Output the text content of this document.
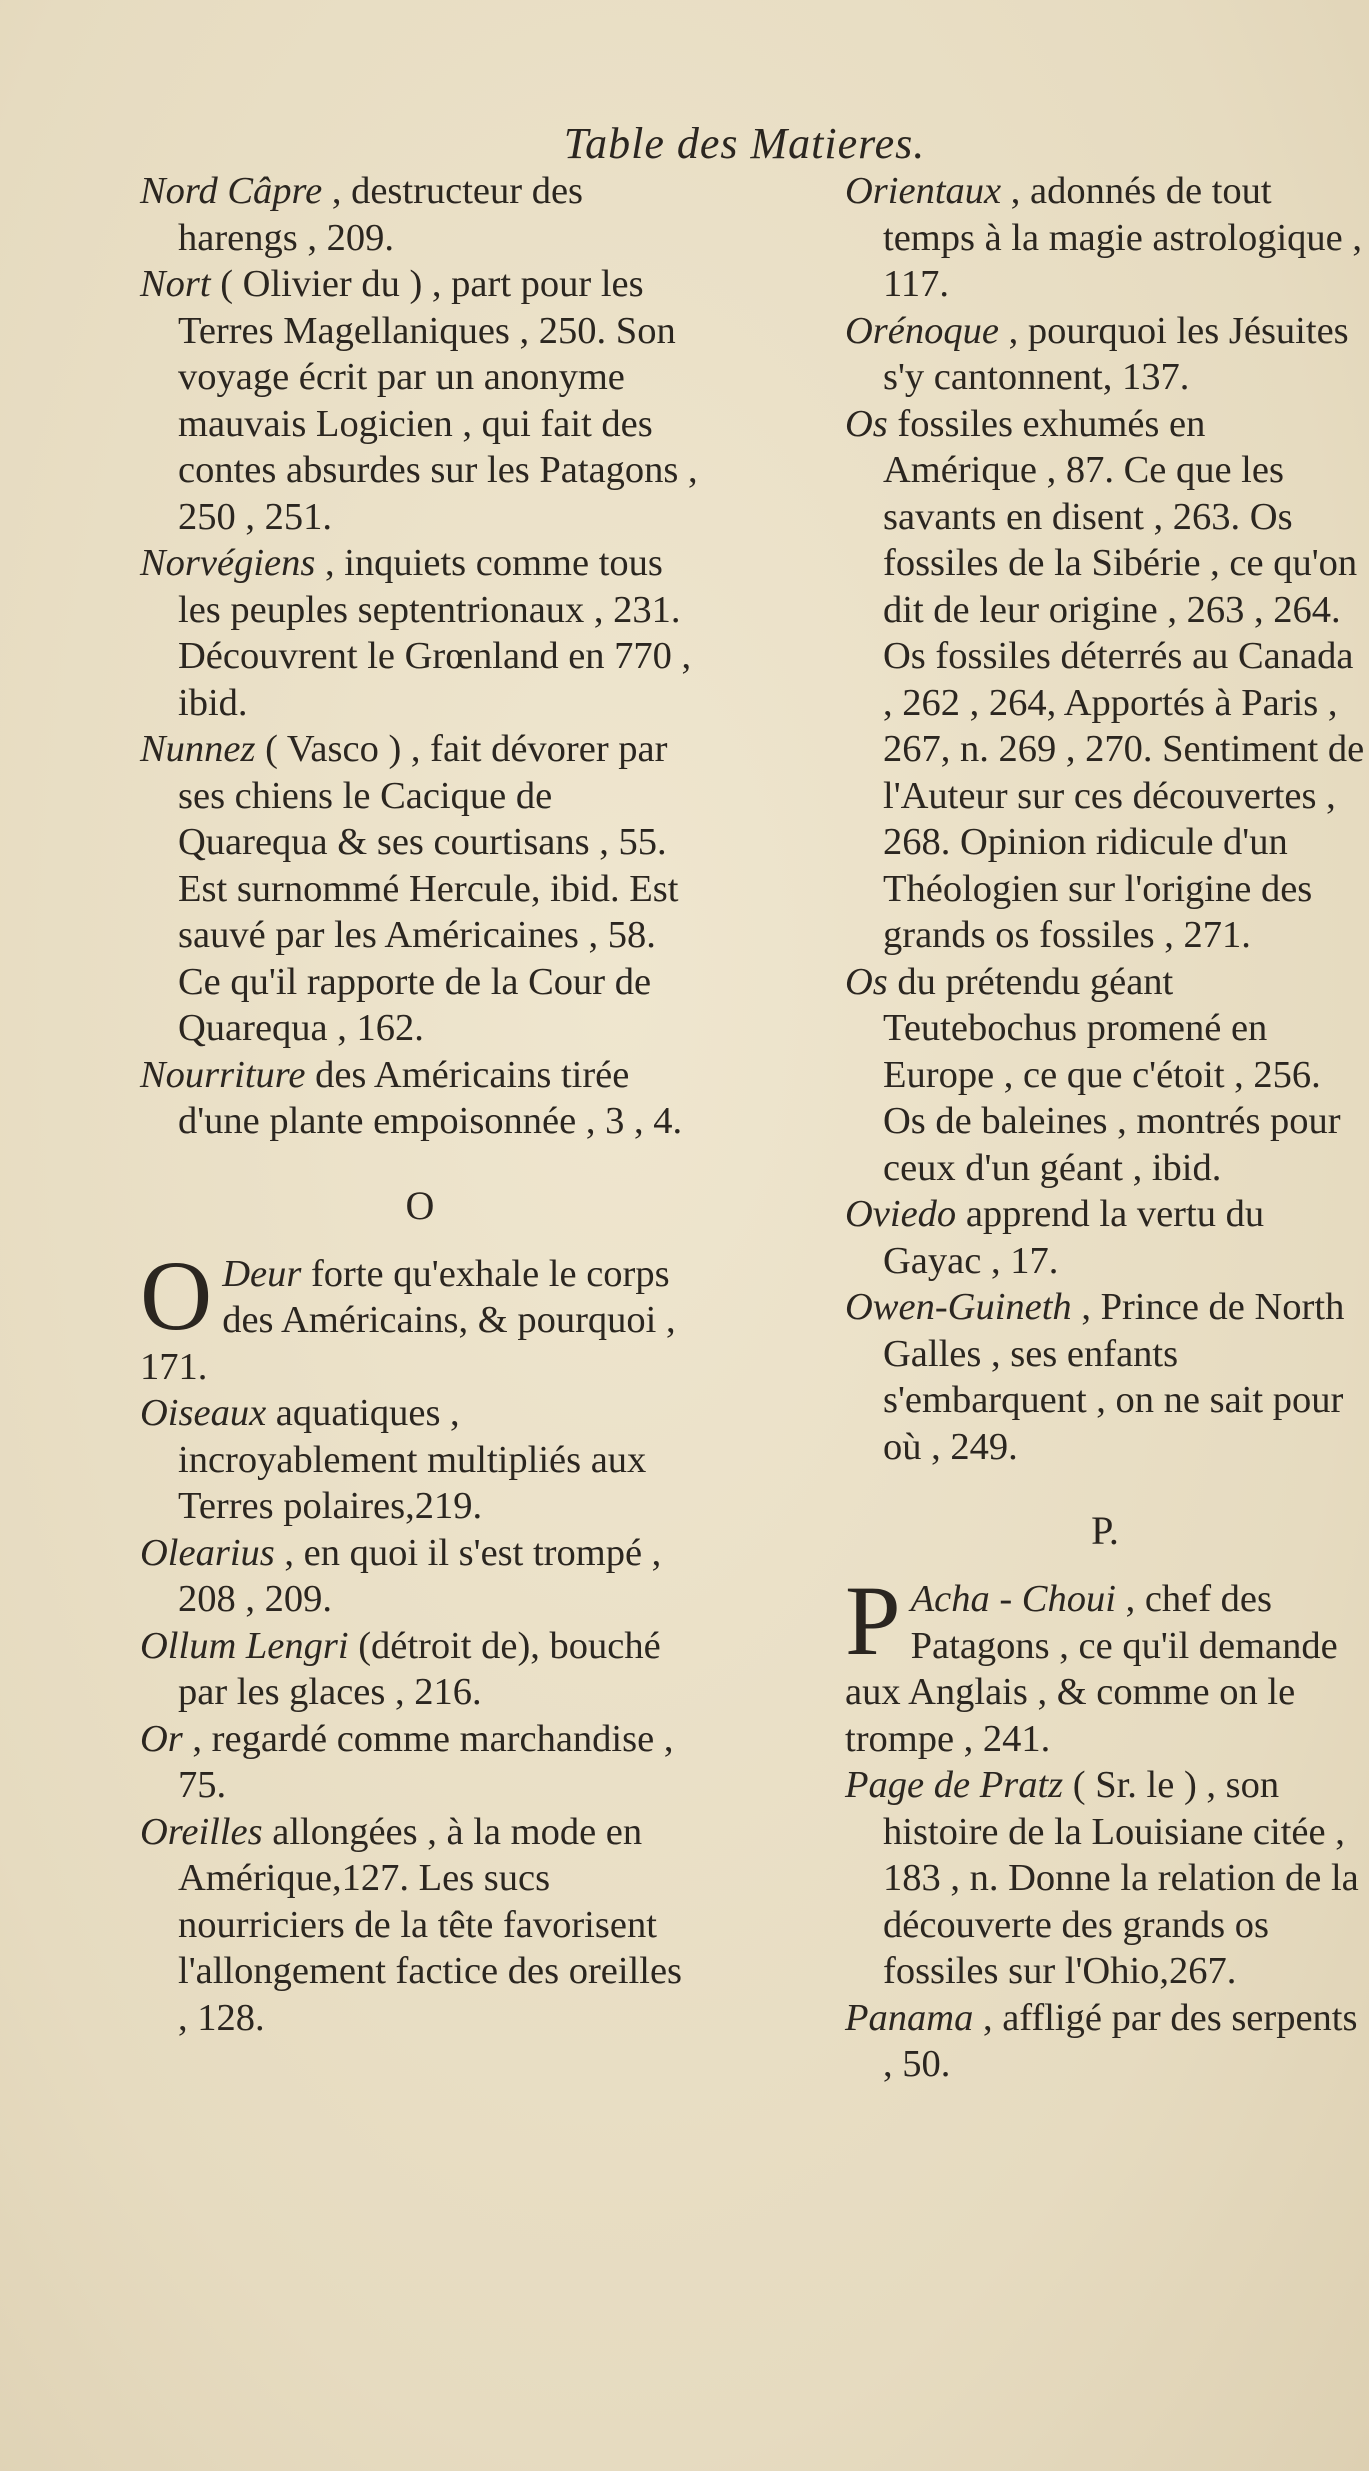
Table des Matieres.
Nord Câpre , destructeur des harengs , 209.
Nort ( Olivier du ) , part pour les Terres Magellaniques , 250. Son voyage écrit par un anonyme mauvais Logicien , qui fait des contes absurdes sur les Patagons , 250 , 251.
Norvégiens , inquiets comme tous les peuples septentrionaux , 231. Découvrent le Grœnland en 770 , ibid.
Nunnez ( Vasco ) , fait dévorer par ses chiens le Cacique de Quarequa & ses courtisans , 55. Est surnommé Hercule, ibid. Est sauvé par les Américaines , 58. Ce qu'il rapporte de la Cour de Quarequa , 162.
Nourriture des Américains tirée d'une plante empoisonnée , 3 , 4.
O
O Deur forte qu'exhale le corps des Américains, & pourquoi , 171.
Oiseaux aquatiques , incroyablement multipliés aux Terres polaires,219.
Olearius , en quoi il s'est trompé , 208 , 209.
Ollum Lengri (détroit de), bouché par les glaces , 216.
Or , regardé comme marchandise , 75.
Oreilles allongées , à la mode en Amérique,127. Les sucs nourriciers de la tête favorisent l'allongement factice des oreilles , 128.
Orientaux , adonnés de tout temps à la magie astrologique , 117.
Orénoque , pourquoi les Jésuites s'y cantonnent, 137.
Os fossiles exhumés en Amérique , 87. Ce que les savants en disent , 263. Os fossiles de la Sibérie , ce qu'on dit de leur origine , 263 , 264. Os fossiles déterrés au Canada , 262 , 264, Apportés à Paris , 267, n. 269 , 270. Sentiment de l'Auteur sur ces découvertes , 268. Opinion ridicule d'un Théologien sur l'origine des grands os fossiles , 271.
Os du prétendu géant Teutebochus promené en Europe , ce que c'étoit , 256. Os de baleines , montrés pour ceux d'un géant , ibid.
Oviedo apprend la vertu du Gayac , 17.
Owen-Guineth , Prince de North Galles , ses enfants s'embarquent , on ne sait pour où , 249.
P.
P Acha - Choui , chef des Patagons , ce qu'il demande aux Anglais , & comme on le trompe , 241.
Page de Pratz ( Sr. le ) , son histoire de la Louisiane citée , 183 , n. Donne la relation de la découverte des grands os fossiles sur l'Ohio,267.
Panama , affligé par des serpents , 50.
